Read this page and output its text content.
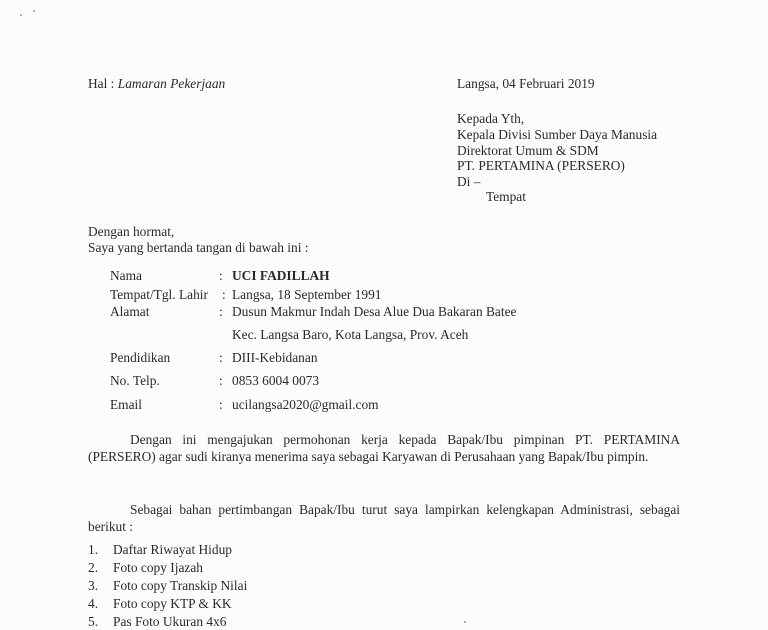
Hal : Lamaran Pekerjaan	Langsa, 04 Februari 2019
Kepada Yth,
Kepala Divisi Sumber Daya Manusia
Direktorat Umum & SDM
PT. PERTAMINA (PERSERO)
Di –
Tempat
Dengan hormat,
Saya yang bertanda tangan di bawah ini :
Nama	: UCI FADILLAH
Tempat/Tgl. Lahir : Langsa, 18 September 1991
Alamat	: Dusun Makmur Indah Desa Alue Dua Bakaran Batee
Kec. Langsa Baro, Kota Langsa, Prov. Aceh
Pendidikan	: DIII-Kebidanan
No. Telp.	: 0853 6004 0073
Email	: ucilangsa2020@gmail.com
Dengan ini mengajukan permohonan kerja kepada Bapak/Ibu pimpinan PT. PERTAMINA (PERSERO) agar sudi kiranya menerima saya sebagai Karyawan di Perusahaan yang Bapak/Ibu pimpin.
Sebagai bahan pertimbangan Bapak/Ibu turut saya lampirkan kelengkapan Administrasi, sebagai berikut :
1. Daftar Riwayat Hidup
2. Foto copy Ijazah
3. Foto copy Transkip Nilai
4. Foto copy KTP & KK
5. Pas Foto Ukuran 4x6
